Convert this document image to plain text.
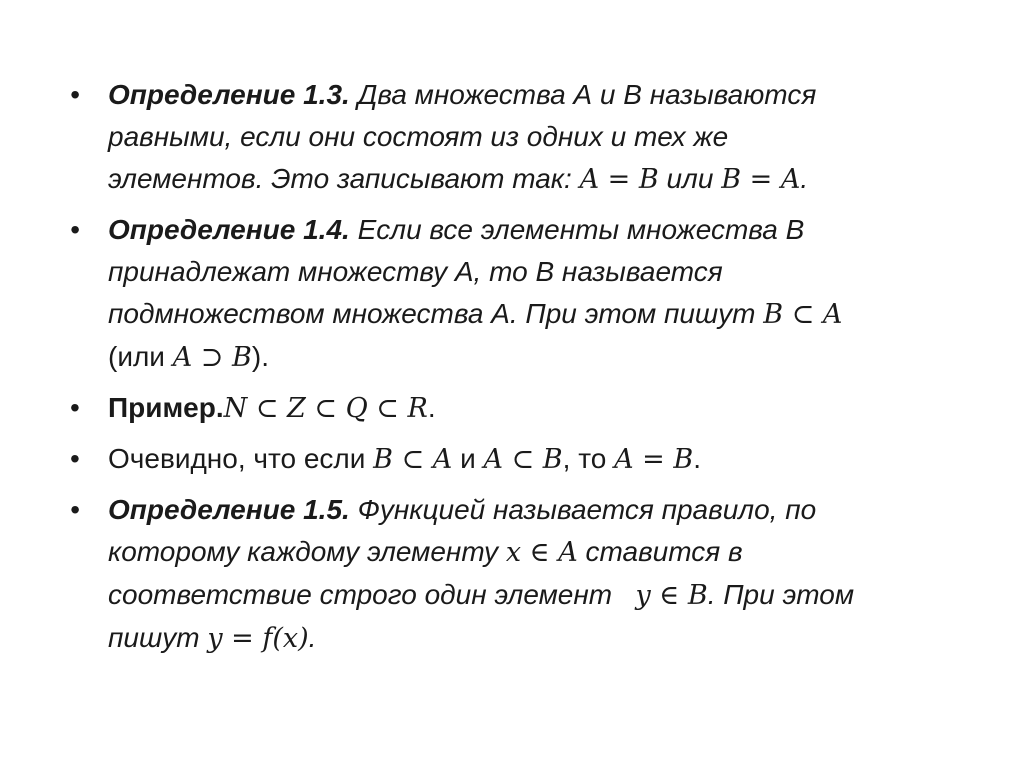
•	Определение 1.3. Два множества А и В называются
равными, если они состоят из одних и тех же
элементов. Это записывают так: A = B или B = A.
•	Определение 1.4. Если все элементы множества В
принадлежат множеству А, то В называется
подмножеством множества А. При этом пишут B ⊂ A
(или A ⊃ B).
•	Пример.N ⊂ Z ⊂ Q ⊂ R.
•	Очевидно, что если B ⊂ A и A ⊂ B, то A = B.
•	Определение 1.5. Функцией называется правило, по
которому каждому элементу x ∈ A ставится в
соответствие строго один элемент   y ∈ B. При этом
пишут y = f(x).
